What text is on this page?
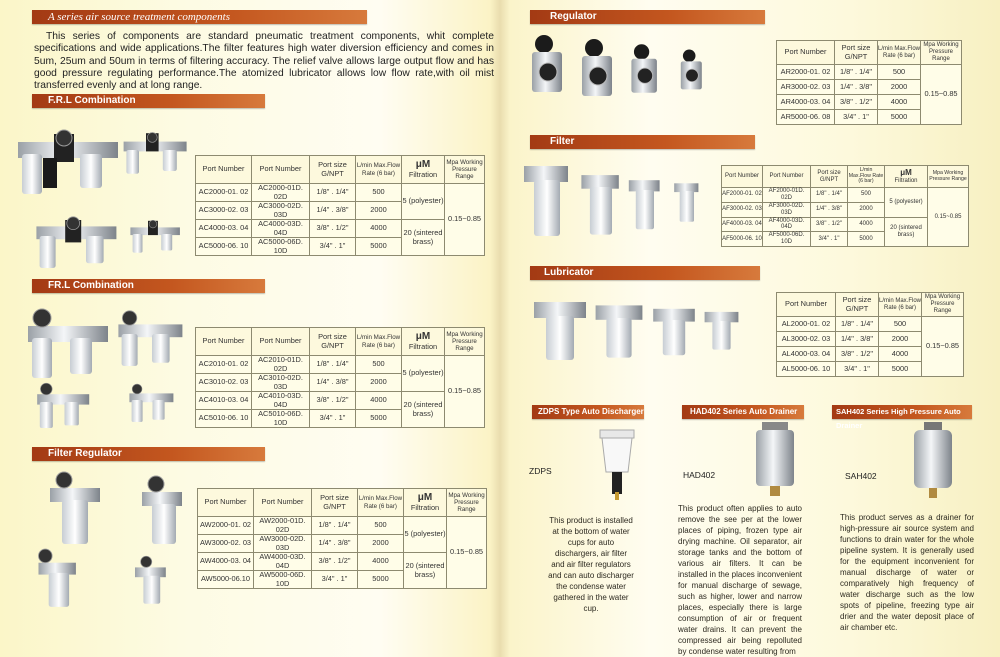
A series air source treatment components
This series of components are standard pneumatic treatment components, whit complete specifications and wide applications.The filter features high water diversion efficiency and comes in 5um, 25um and 50um in terms of filtering accuracy. The relief valve allows large output flow and has good pressure regulating performance.The atomized lubricator allows low flow rate,with oil mist transferred evenly and at long range.
F.R.L Combination
Port Number	Port Number	Port size G/NPT	L/min Max.Flow Rate (6 bar)	μM
Filtration	Mpa Working Pressure Range
AC2000-01. 02	AC2000-01D. 02D	1/8" . 1/4"	500	5 (polyester)	0.15~0.85
AC3000-02. 03	AC3000-02D. 03D	1/4" . 3/8"	2000		
AC4000-03. 04	AC4000-03D. 04D	3/8" . 1/2"	4000	20 (sintered brass)	
AC5000-06. 10	AC5000-06D. 10D	3/4" . 1"	5000		
FR.L Combination
Port Number	Port Number	Port size G/NPT	L/min Max.Flow Rate (6 bar)	μM
Filtration	Mpa Working Pressure Range
AC2010-01. 02	AC2010-01D. 02D	1/8" . 1/4"	500	5 (polyester)	0.15~0.85
AC3010-02. 03	AC3010-02D. 03D	1/4" . 3/8"	2000		
AC4010-03. 04	AC4010-03D. 04D	3/8" . 1/2"	4000	20 (sintered brass)	
AC5010-06. 10	AC5010-06D. 10D	3/4" . 1"	5000		
Filter Regulator
Port Number	Port Number	Port size G/NPT	L/min Max.Flow Rate (6 bar)	μM
Filtration	Mpa Working Pressure Range
AW2000-01. 02	AW2000-01D. 02D	1/8" . 1/4"	500	5 (polyester)	0.15~0.85
AW3000-02. 03	AW3000-02D. 03D	1/4" . 3/8"	2000		
AW4000-03. 04	AW4000-03D. 04D	3/8" . 1/2"	4000	20 (sintered brass)	
AW5000-06.10	AW5000-06D. 10D	3/4" . 1"	5000		
Regulator
Port Number	Port size G/NPT	L/min Max.Flow Rate (6 bar)	Mpa Working Pressure Range
AR2000-01. 02	1/8" . 1/4"	500	0.15~0.85
AR3000-02. 03	1/4" . 3/8"	2000	
AR4000-03. 04	3/8" . 1/2"	4000	
AR5000-06. 08	3/4" . 1"	5000	
Filter
Port Number	Port Number	Port size G/NPT	L/min Max.Flow Rate (6 bar)	μM
Filtration	Mpa Working Pressure Range
AF2000-01. 02	AF2000-01D. 02D	1/8" . 1/4"	500	5 (polyester)	0.15~0.85
AF3000-02. 03	AF3000-02D. 03D	1/4" . 3/8"	2000		
AF4000-03. 04	AF4000-03D. 04D	3/8" . 1/2"	4000	20 (sintered brass)	
AF5000-06. 10	AF5000-06D. 10D	3/4" . 1"	5000		
Lubricator
Port Number	Port size G/NPT	L/min Max.Flow Rate (6 bar)	Mpa Working Pressure Range
AL2000-01. 02	1/8" . 1/4"	500	0.15~0.85
AL3000-02. 03	1/4" . 3/8"	2000	
AL4000-03. 04	3/8" . 1/2"	4000	
AL5000-06. 10	3/4" . 1"	5000	
ZDPS Type Auto Discharger	HAD402 Series Auto Drainer	SAH402 Series High Pressure Auto Drainer
ZDPS	HAD402	SAH402
This product is installed at the bottom of water cups for auto dischargers, air filter and air filter regulators and can auto discharger the condense water gathered in the water cup.
This product often applies to auto remove the see per at the lower places of piping, frozen type air drying machine. Oil separator, air storage tanks and the bottom of various air filters. It can be installed in the places inconvenient for manual discharge of sewage, such as higher, lower and narrow places, especially there is large consumption of air or frequent water drains. It can prevent the compressed air being repolluted by condense water resulting from
This product serves as a drainer for high-pressure air source system and functions to drain water for the whole pipeline system. It is generally used for the equipment inconvenient for manual discharge of water or comparatively high frequency of water discharge such as the low spots of pipeline, freezing type air drier and the water deposit place of air chamber etc.
